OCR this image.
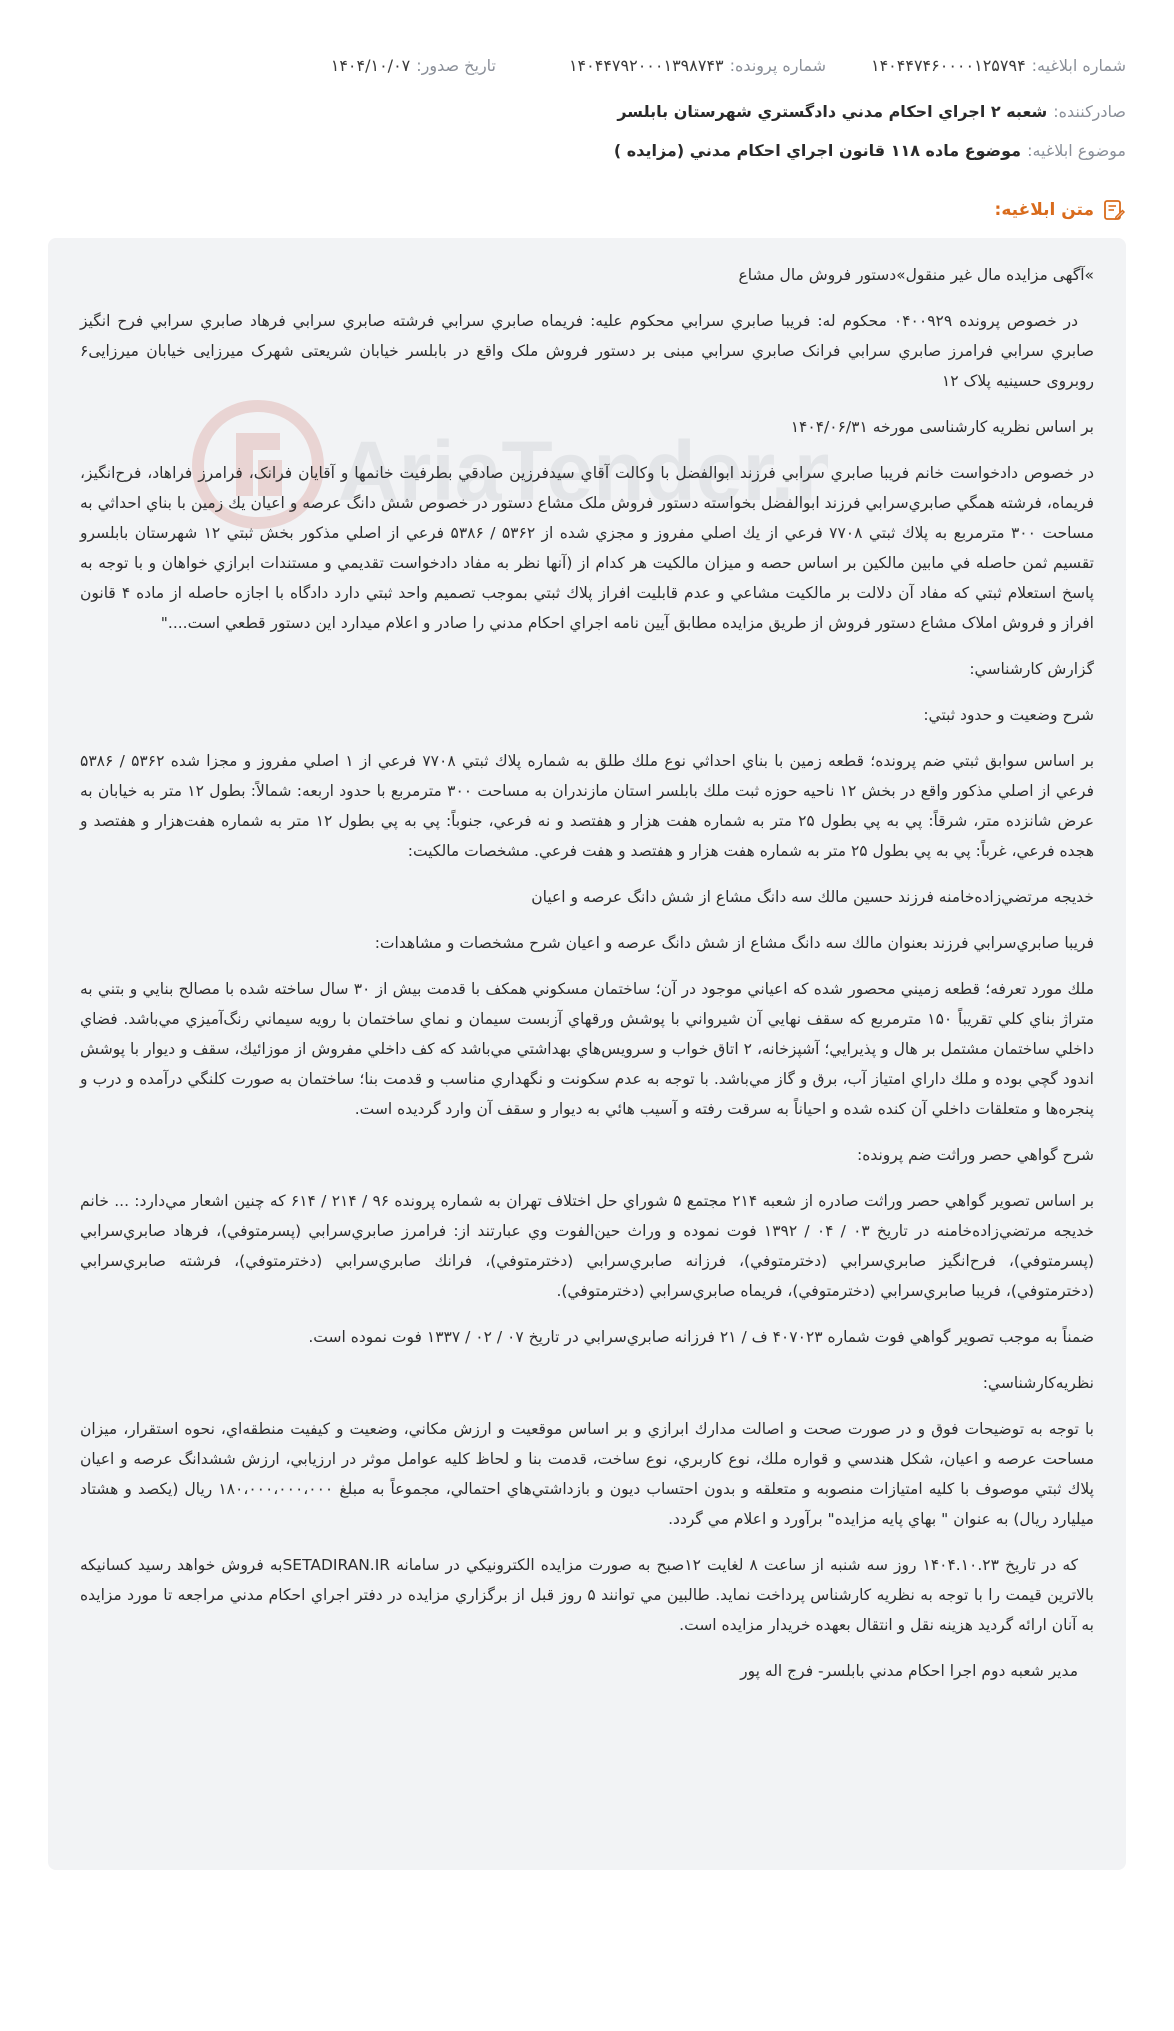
شماره ابلاغيه:
۱۴۰۴۴۷۴۶۰۰۰۰۱۲۵۷۹۴
شماره پرونده:
۱۴۰۴۴۷۹۲۰۰۰۱۳۹۸۷۴۳
تاريخ صدور:
۱۴۰۴/۱۰/۰۷
صادرکننده:
شعبه ۲ اجراي احکام مدني دادگستري شهرستان بابلسر
موضوع ابلاغيه:
موضوع ماده ۱۱۸ قانون اجراي احکام مدني (مزايده )
متن ابلاغيه:
AriaTender.n

»آگهی مزایده مال غیر منقول»دستور فروش مال مشاع

در خصوص پرونده ۰۴۰۰۹۲۹ محکوم له: فريبا صابري سرابي محکوم عليه: فريماه صابري سرابي فرشته صابري سرابي فرهاد صابري سرابي فرح انگيز صابري سرابي فرامرز صابري سرابي فرانک صابري سرابي مبنی بر دستور فروش ملک واقع در بابلسر خیابان شریعتی شهرک میرزایی خیابان میرزایی۶ روبروی حسینیه پلاک ۱۲

بر اساس نظریه کارشناسی مورخه ۱۴۰۴/۰۶/۳۱

در خصوص دادخواست خانم فريبا صابري سرابي فرزند ابوالفضل با وکالت آقاي سيدفرزين صادقي بطرفيت خانمها و آقايان فرانک، فرامرز فراهاد، فرح‌انگيز، فريماه، فرشته همگي صابري‌سرابي فرزند ابوالفضل بخواسته دستور فروش ملک مشاع دستور در خصوص شش دانگ عرصه و اعيان يك زمين با بناي احداثي به مساحت ۳۰۰ مترمربع به پلاك ثبتي ۷۷۰۸ فرعي از يك اصلي مفروز و مجزي شده از ۵۳۶۲ / ۵۳۸۶ فرعي از اصلي مذكور بخش ثبتي ۱۲ شهرستان بابلسرو تقسيم ثمن حاصله في مابين مالكين بر اساس حصه و ميزان مالكيت هر كدام از (آنها نظر به مفاد دادخواست تقديمي و مستندات ابرازي خواهان و با توجه به پاسخ استعلام ثبتي كه مفاد آن دلالت بر مالكيت مشاعي و عدم قابليت افراز پلاك ثبتي بموجب تصميم واحد ثبتي دارد دادگاه با اجازه حاصله از ماده ۴ قانون افراز و فروش املاک مشاع دستور فروش از طريق مزايده مطابق آيين نامه اجراي احكام مدني را صادر و اعلام ميدارد اين دستور قطعي است...."

گزارش کارشناسي:

شرح وضعيت و حدود ثبتي:

بر اساس سوابق ثبتي ضم پرونده؛ قطعه زمين با بناي احداثي نوع ملك طلق به شماره پلاك ثبتي ۷۷۰۸ فرعي از ۱ اصلي مفروز و مجزا شده ۵۳۶۲ / ۵۳۸۶ فرعي از اصلي مذكور واقع در بخش ۱۲ ناحيه حوزه ثبت ملك بابلسر استان مازندران به مساحت ۳۰۰ مترمربع با حدود اربعه: شمالاً: بطول ۱۲ متر به خيابان به عرض شانزده متر، شرقاً: پي به پي بطول ۲۵ متر به شماره هفت هزار و هفتصد و نه فرعي، جنوباً: پي به پي بطول ۱۲ متر به شماره هفت‌هزار و هفتصد و هجده فرعي، غرباً: پي به پي بطول ۲۵ متر به شماره هفت هزار و هفتصد و هفت فرعي. مشخصات مالكيت:

خديجه مرتضي‌زاده‌خامنه فرزند حسين مالك سه دانگ مشاع از شش دانگ عرصه و اعيان

فريبا صابري‌سرابي فرزند بعنوان مالك سه دانگ مشاع از شش دانگ عرصه و اعيان شرح مشخصات و مشاهدات:

ملك مورد تعرفه؛ قطعه زميني محصور شده كه اعياني موجود در آن؛ ساختمان مسكوني همكف با قدمت بيش از ۳۰ سال ساخته شده با مصالح بنايي و بتني به متراژ بناي كلي تقريباً ۱۵۰ مترمربع كه سقف نهايي آن شيرواني با پوشش ورقهاي آزبست سيمان و نماي ساختمان با رويه سيماني رنگ‌آميزي مي‌باشد. فضاي داخلي ساختمان مشتمل بر هال و پذيرايي؛ آشپزخانه، ۲ اتاق خواب و سرويس‌هاي بهداشتي مي‌باشد كه كف داخلي مفروش از موزائيك، سقف و ديوار با پوشش اندود گچي بوده و ملك داراي امتياز آب، برق و گاز مي‌باشد. با توجه به عدم سكونت و نگهداري مناسب و قدمت بنا؛ ساختمان به صورت كلنگي درآمده و درب و پنجره‌ها و متعلقات داخلي آن كنده شده و احياناً به سرقت رفته و آسيب هائي به ديوار و سقف آن وارد گرديده است.

شرح گواهي حصر وراثت ضم پرونده:

بر اساس تصوير گواهي حصر وراثت صادره از شعبه ۲۱۴ مجتمع ۵ شوراي حل اختلاف تهران به شماره پرونده ۹۶ / ۲۱۴ / ۶۱۴ كه چنين اشعار مي‌دارد: ... خانم خديجه مرتضي‌زاده‌خامنه در تاريخ ۰۳ / ۰۴ / ۱۳۹۲ فوت نموده و وراث حين‌الفوت وي عبارتند از: فرامرز صابري‌سرابي (پسرمتوفي)، فرهاد صابري‌سرابي (پسرمتوفي)، فرح‌انگيز صابري‌سرابي (دخترمتوفي)، فرزانه صابري‌سرابي (دخترمتوفي)، فرانك صابري‌سرابي (دخترمتوفي)، فرشته صابري‌سرابي (دخترمتوفي)، فريبا صابري‌سرابي (دخترمتوفي)، فريماه صابري‌سرابي (دخترمتوفي).

ضمناً به موجب تصوير گواهي فوت شماره ۴۰۷۰۲۳ ف / ۲۱ فرزانه صابري‌سرابي در تاريخ ۰۷ / ۰۲ / ۱۳۳۷ فوت نموده است.

نظريه‌كارشناسي:

با توجه به توضيحات فوق و در صورت صحت و اصالت مدارك ابرازي و بر اساس موقعيت و ارزش مكاني، وضعيت و كيفيت منطقه‌اي، نحوه استقرار، ميزان مساحت عرصه و اعيان، شكل هندسي و قواره ملك، نوع كاربري، نوع ساخت، قدمت بنا و لحاظ كليه عوامل موثر در ارزيابي، ارزش ششدانگ عرصه و اعيان پلاك ثبتي موصوف با كليه امتيازات منصوبه و متعلقه و بدون احتساب ديون و بازداشتي‌هاي احتمالي، مجموعاً به مبلغ ۱۸۰،۰۰۰،۰۰۰،۰۰۰ ريال (يكصد و هشتاد ميليارد ريال) به عنوان " بهاي پايه مزايده" برآورد و اعلام مي گردد.

كه در تاريخ ۱۴۰۴.۱۰.۲۳ روز سه شنبه از ساعت ۸ لغايت ۱۲صبح به صورت مزايده الكترونيكي در سامانه SETADIRAN.IRبه فروش خواهد رسيد كسانيكه بالاترين قيمت را با توجه به نظريه كارشناس پرداخت نمايد. طالبين مي توانند ۵ روز قبل از برگزاري مزايده در دفتر اجراي احكام مدني مراجعه تا مورد مزايده به آنان ارائه گرديد هزينه نقل و انتقال بعهده خريدار مزايده است.

مدير شعبه دوم اجرا احكام مدني بابلسر- فرج اله پور
